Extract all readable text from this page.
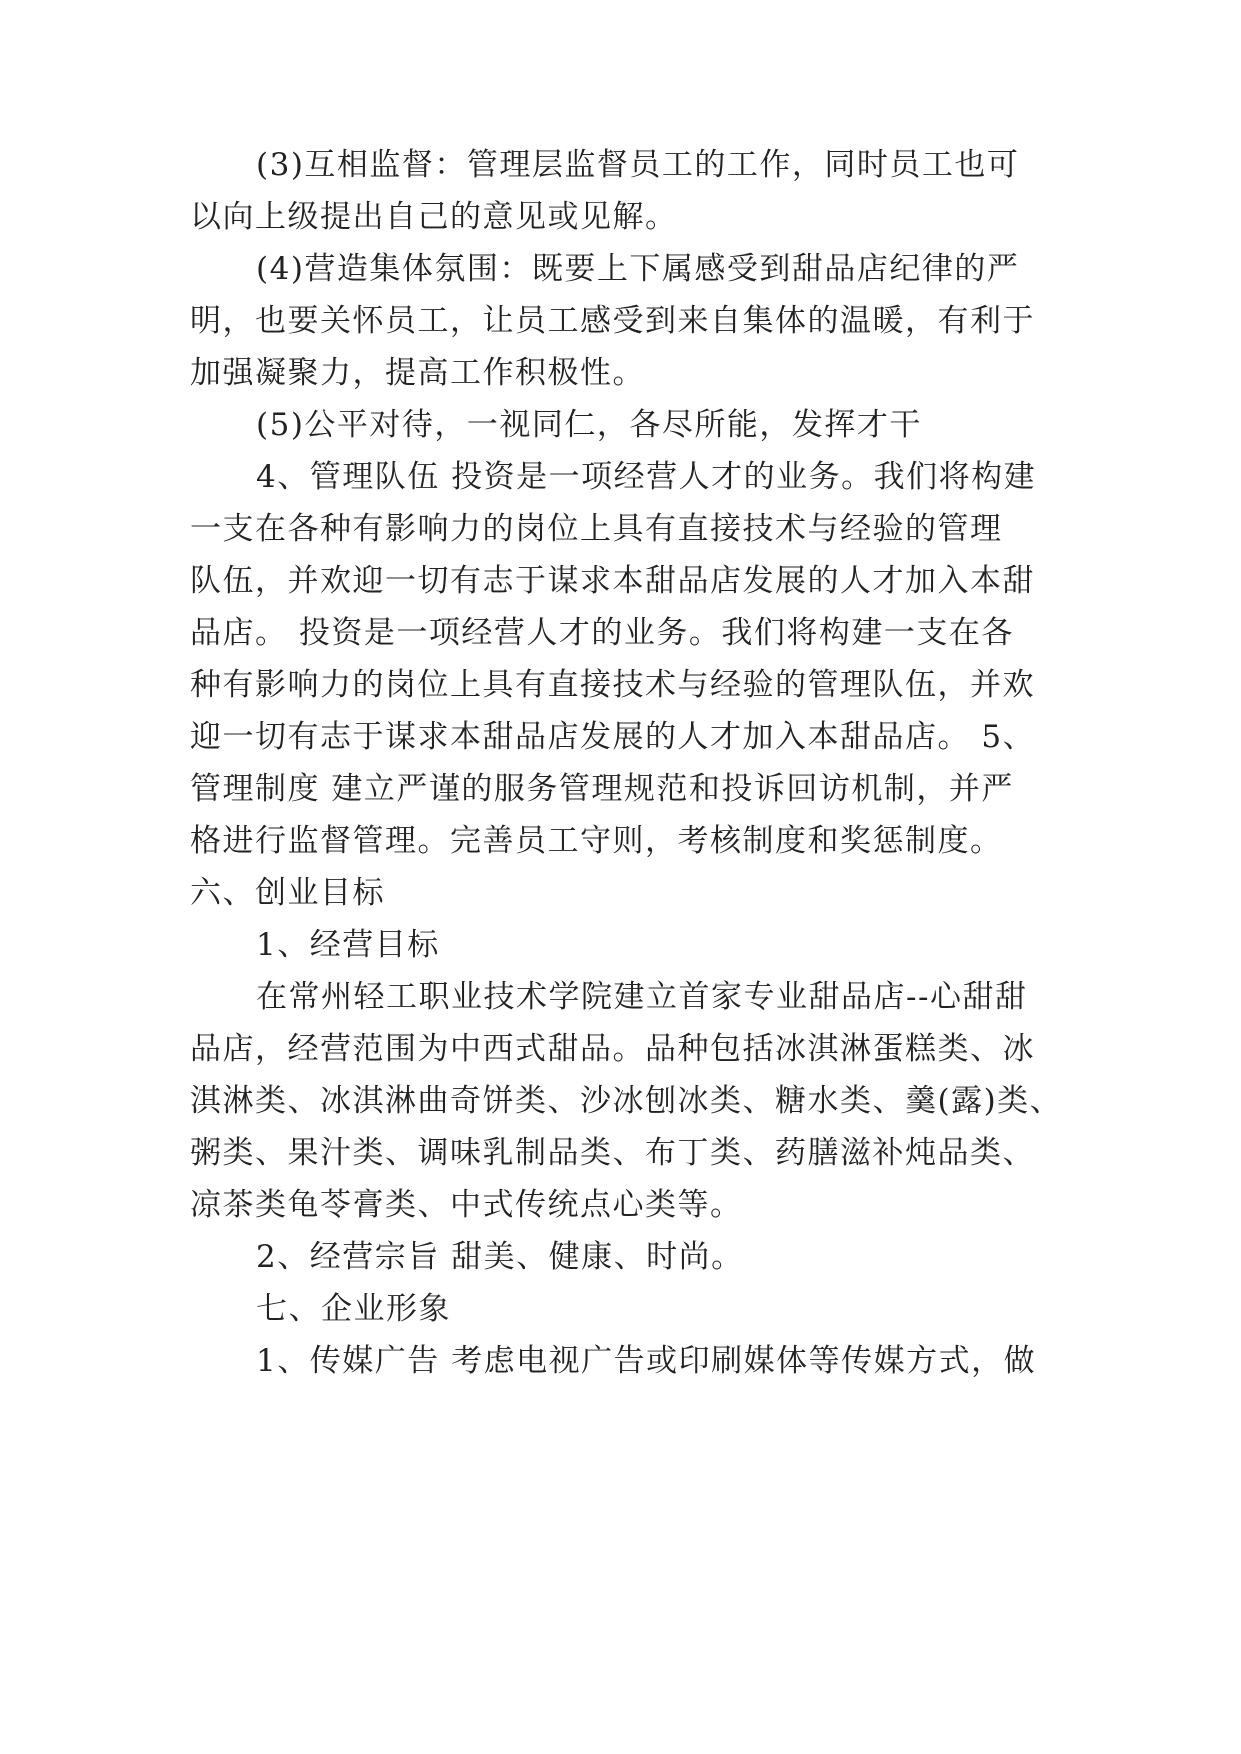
(3)互相监督：管理层监督员工的工作，同时员工也可
以向上级提出自己的意见或见解。
(4)营造集体氛围：既要上下属感受到甜品店纪律的严
明，也要关怀员工，让员工感受到来自集体的温暖，有利于
加强凝聚力，提高工作积极性。
(5)公平对待，一视同仁，各尽所能，发挥才干
4、管理队伍 投资是一项经营人才的业务。我们将构建
一支在各种有影响力的岗位上具有直接技术与经验的管理
队伍，并欢迎一切有志于谋求本甜品店发展的人才加入本甜
品店。 投资是一项经营人才的业务。我们将构建一支在各
种有影响力的岗位上具有直接技术与经验的管理队伍，并欢
迎一切有志于谋求本甜品店发展的人才加入本甜品店。 5、
管理制度 建立严谨的服务管理规范和投诉回访机制，并严
格进行监督管理。完善员工守则，考核制度和奖惩制度。
六、创业目标
1、经营目标
在常州轻工职业技术学院建立首家专业甜品店--心甜甜
品店，经营范围为中西式甜品。品种包括冰淇淋蛋糕类、冰
淇淋类、冰淇淋曲奇饼类、沙冰刨冰类、糖水类、羹(露)类、
粥类、果汁类、调味乳制品类、布丁类、药膳滋补炖品类、
凉茶类龟苓膏类、中式传统点心类等。
2、经营宗旨 甜美、健康、时尚。
七、企业形象
1、传媒广告 考虑电视广告或印刷媒体等传媒方式，做
